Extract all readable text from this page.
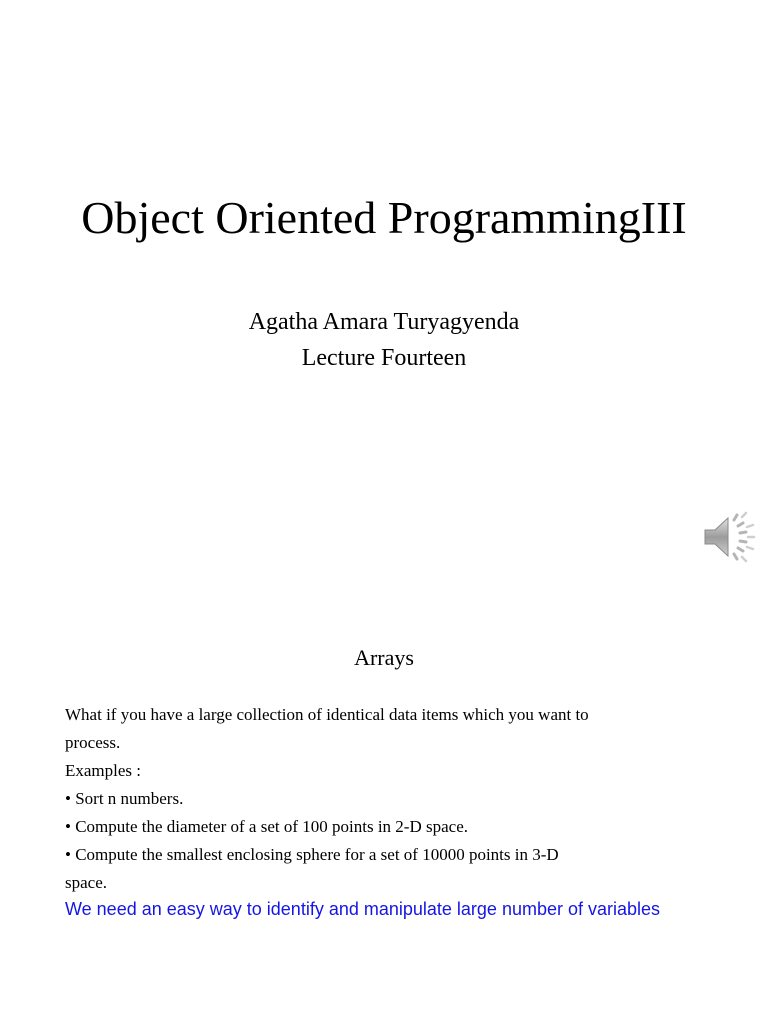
Object Oriented ProgrammingIII
Agatha Amara Turyagyenda
Lecture Fourteen
Arrays
What if you have a large collection of identical data items which you want to
process.
Examples :
• Sort n numbers.
• Compute the diameter of a set of 100 points in 2-D space.
• Compute the smallest enclosing sphere for a set of 10000 points in 3-D
space.
We need an easy way to identify and manipulate large number of variables
